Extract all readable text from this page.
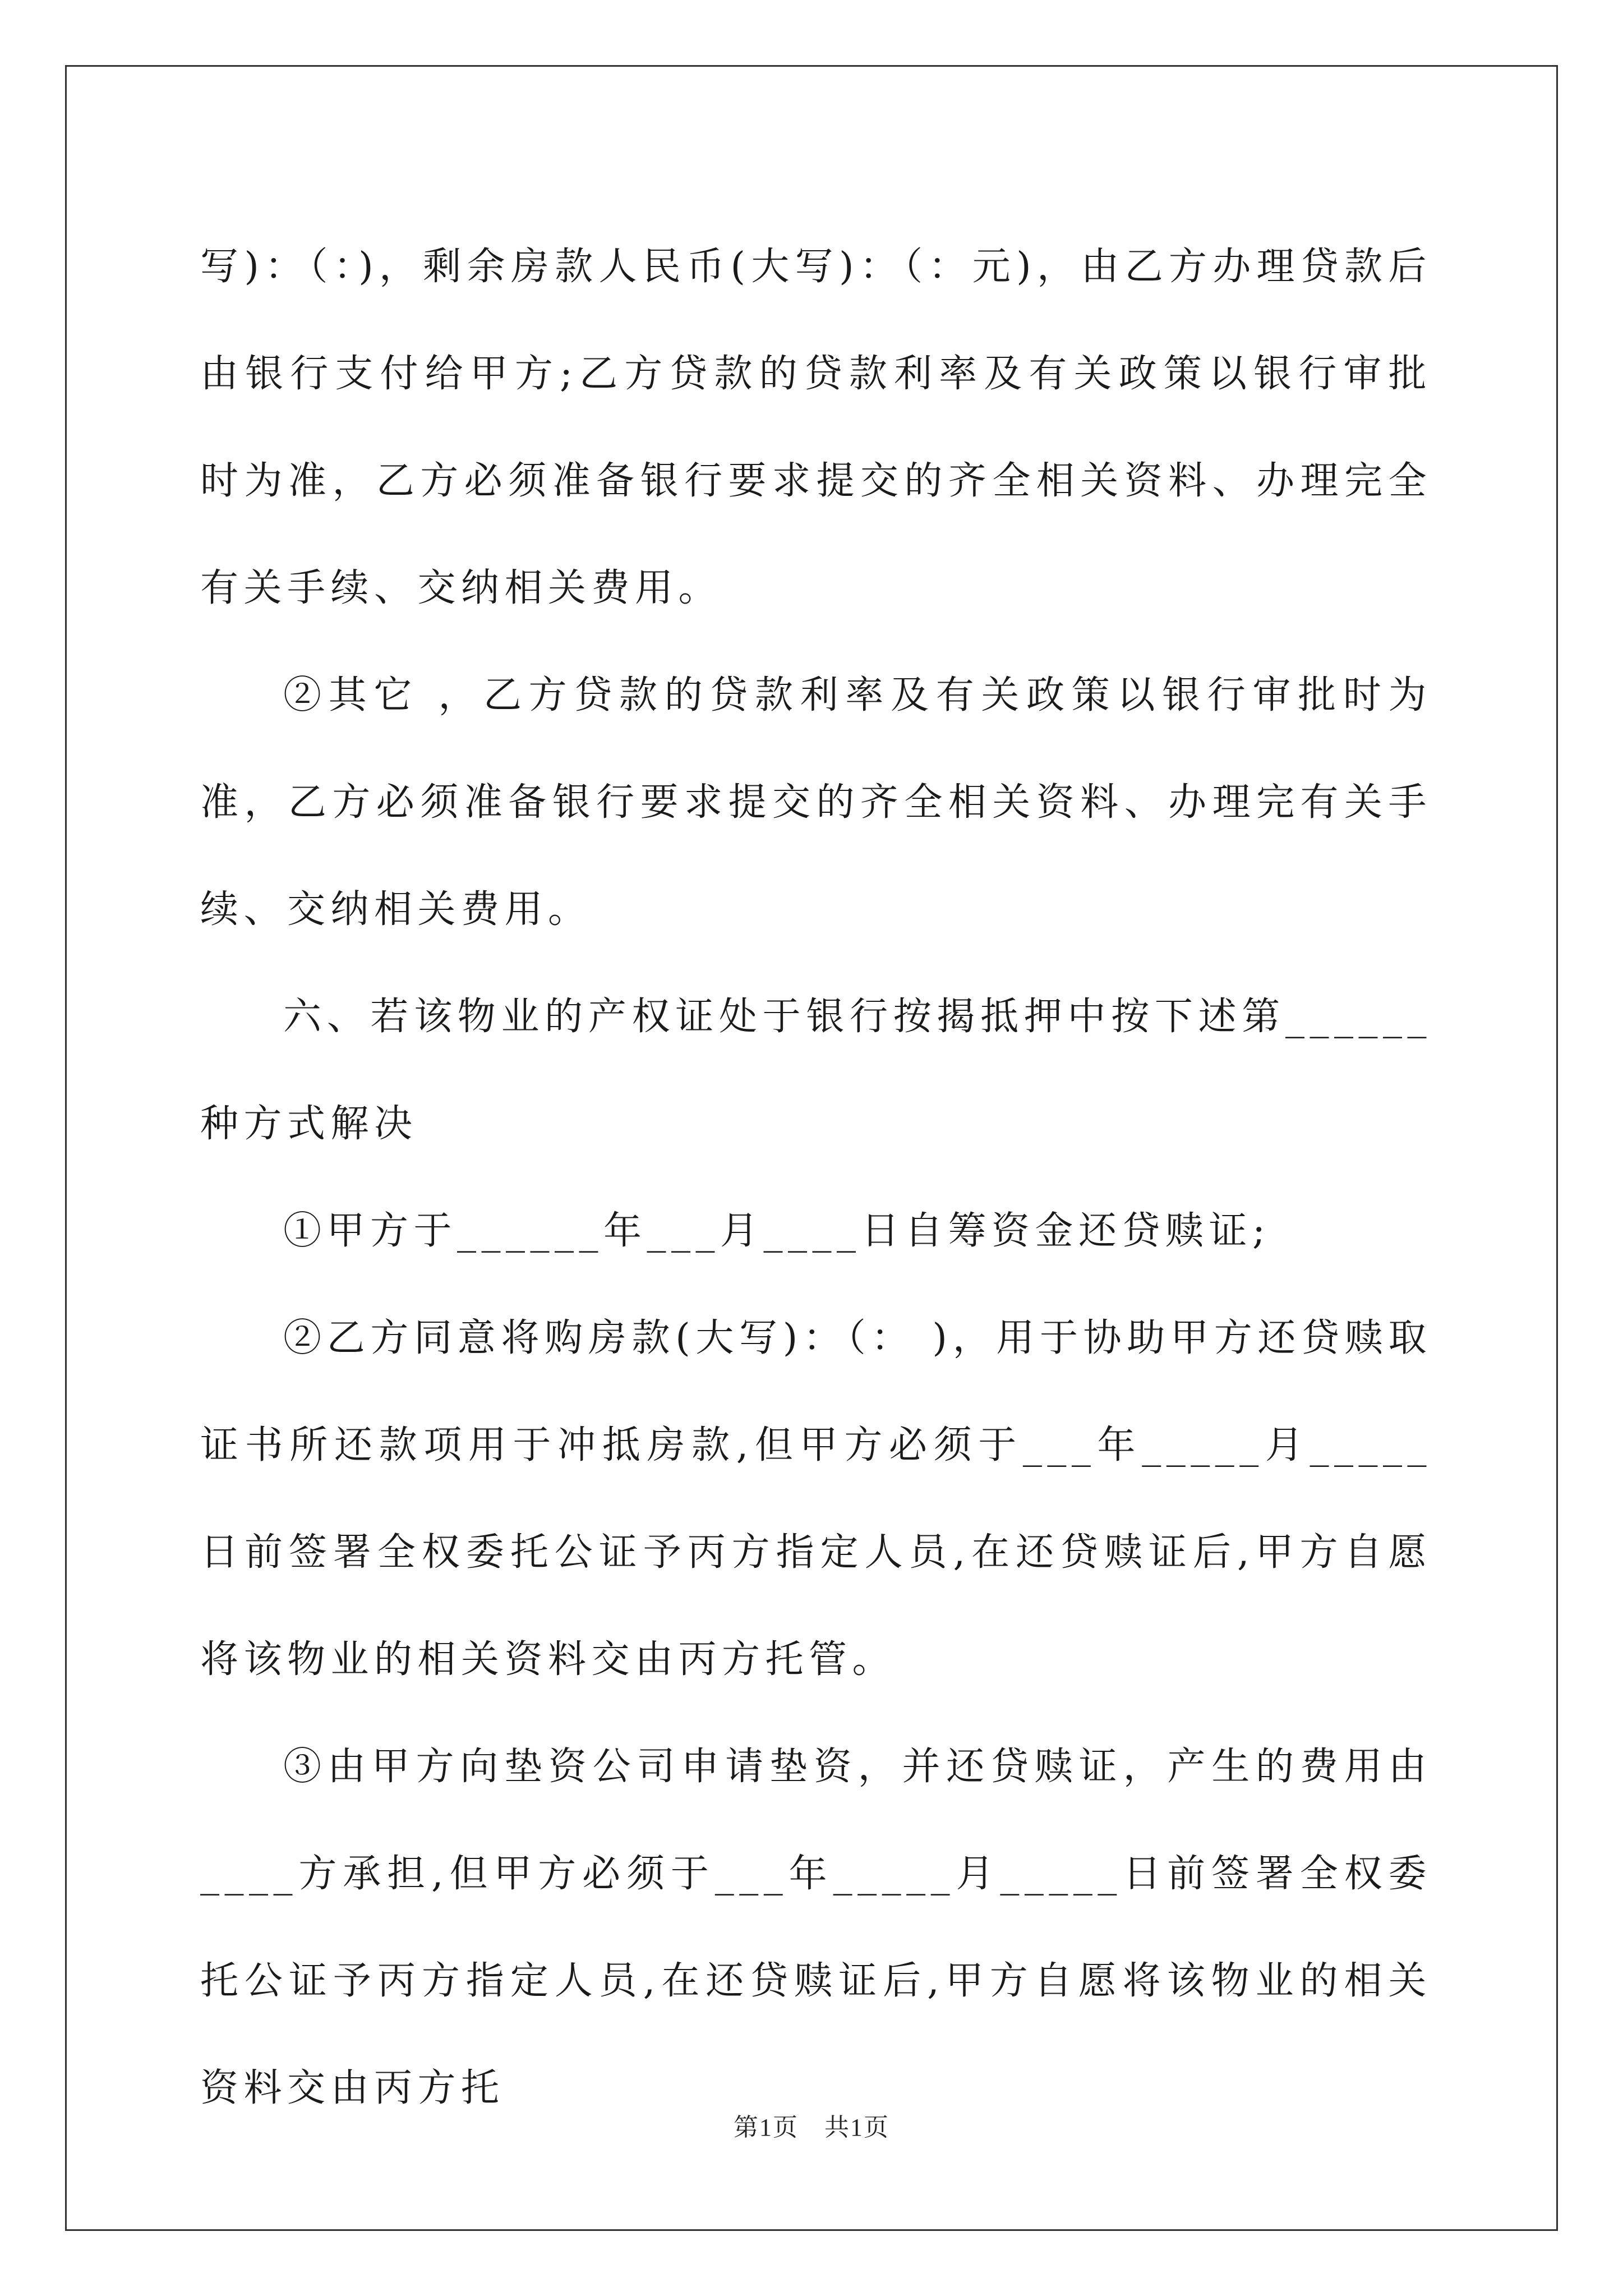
写)：（：)，剩余房款人民币(大写)：（：元)，由乙方办理贷款后由银行支付给甲方;乙方贷款的贷款利率及有关政策以银行审批时为准，乙方必须准备银行要求提交的齐全相关资料、办理完全有关手续、交纳相关费用。

②其它 ，乙方贷款的贷款利率及有关政策以银行审批时为准，乙方必须准备银行要求提交的齐全相关资料、办理完有关手续、交纳相关费用。

六、若该物业的产权证处于银行按揭抵押中按下述第______种方式解决

①甲方于______年___月____日自筹资金还贷赎证;

②乙方同意将购房款(大写)：（： )，用于协助甲方还贷赎取证书所还款项用于冲抵房款,但甲方必须于___年_____月_____日前签署全权委托公证予丙方指定人员,在还贷赎证后,甲方自愿将该物业的相关资料交由丙方托管。

③由甲方向垫资公司申请垫资，并还贷赎证，产生的费用由____方承担,但甲方必须于___年_____月_____日前签署全权委托公证予丙方指定人员,在还贷赎证后,甲方自愿将该物业的相关资料交由丙方托

第1页　共1页
